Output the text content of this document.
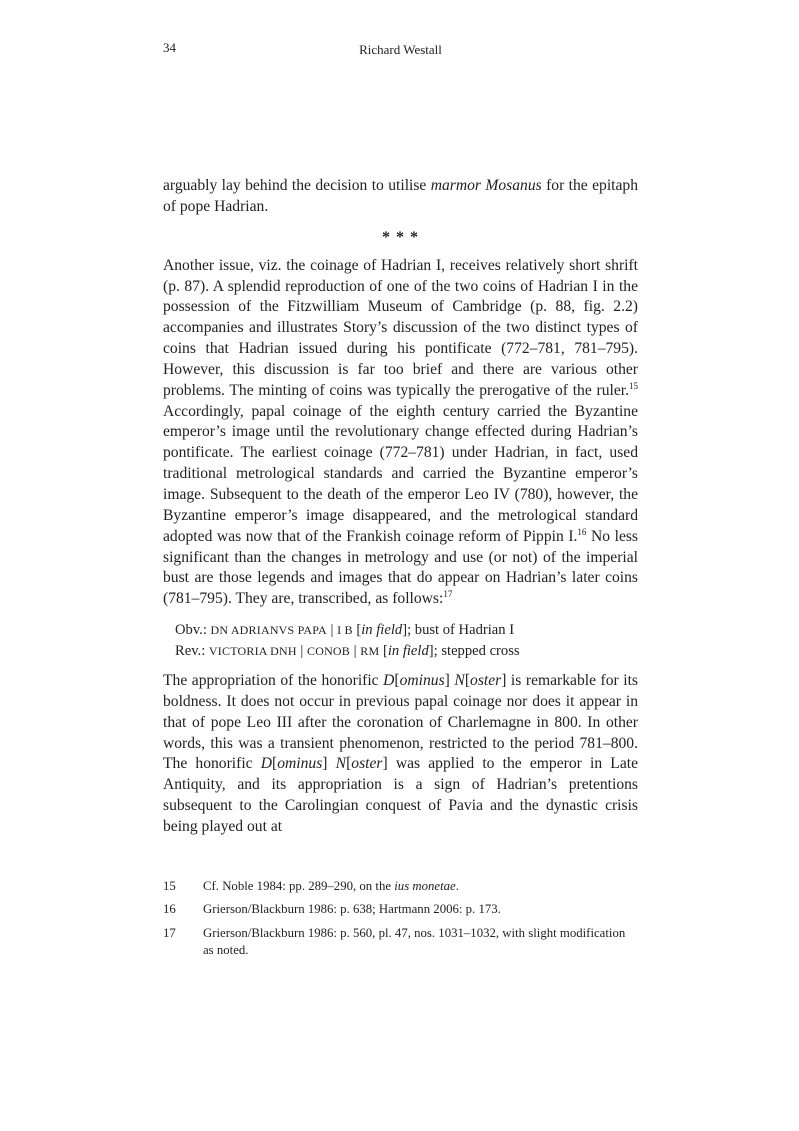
34	Richard Westall

arguably lay behind the decision to utilise marmor Mosanus for the epitaph of pope Hadrian.

* * *

Another issue, viz. the coinage of Hadrian I, receives relatively short shrift (p. 87). A splendid reproduction of one of the two coins of Hadrian I in the possession of the Fitzwilliam Museum of Cambridge (p. 88, fig. 2.2) accompanies and illustrates Story’s discussion of the two distinct types of coins that Hadrian issued during his pontificate (772–781, 781–795). However, this discussion is far too brief and there are various other problems. The minting of coins was typically the prerogative of the ruler.$^{15}$ Accordingly, papal coinage of the eighth century carried the Byzantine emperor’s image until the revolutionary change effected during Hadrian’s pontificate. The earliest coinage (772–781) under Hadrian, in fact, used traditional metrological standards and carried the Byzantine emperor’s image. Subsequent to the death of the emperor Leo IV (780), however, the Byzantine emperor’s image disappeared, and the metrological standard adopted was now that of the Frankish coinage reform of Pippin I.$^{16}$ No less significant than the changes in metrology and use (or not) of the imperial bust are those legends and images that do appear on Hadrian’s later coins (781–795). They are, transcribed, as follows:$^{17}$

Obv.: DN ADRIANVS PAPA | I B [in field]; bust of Hadrian I
Rev.: VICTORIA DNH | CONOB | RM [in field]; stepped cross

The appropriation of the honorific D[ominus] N[oster] is remarkable for its boldness. It does not occur in previous papal coinage nor does it appear in that of pope Leo III after the coronation of Charlemagne in 800. In other words, this was a transient phenomenon, restricted to the period 781–800. The honorific D[ominus] N[oster] was applied to the emperor in Late Antiquity, and its appropriation is a sign of Hadrian’s pretentions subsequent to the Carolingian conquest of Pavia and the dynastic crisis being played out at

15 Cf. Noble 1984: pp. 289–290, on the ius monetae.
16 Grierson/Blackburn 1986: p. 638; Hartmann 2006: p. 173.
17 Grierson/Blackburn 1986: p. 560, pl. 47, nos. 1031–1032, with slight modification as noted.
